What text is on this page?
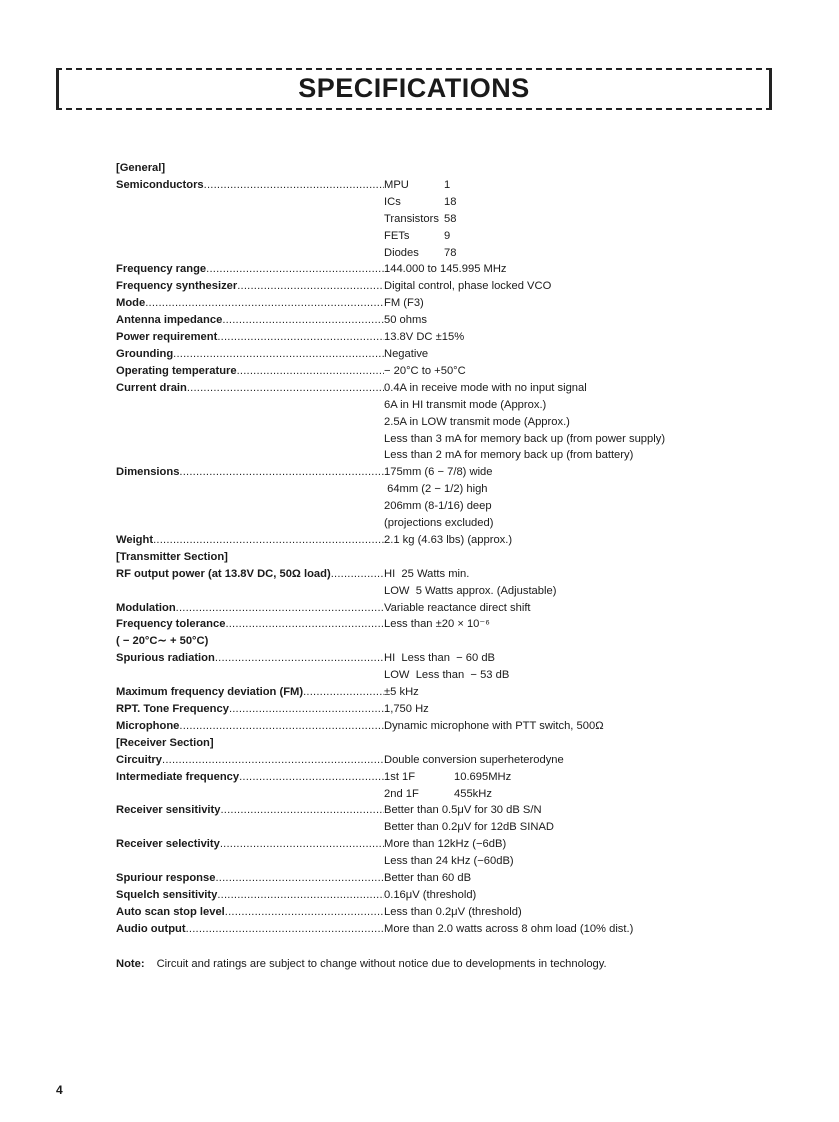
SPECIFICATIONS
[General]
Semiconductors .....	MPU	1
ICs	18
Transistors 58
FETs	9
Diodes 78
Frequency range .....	144.000 to 145.995 MHz
Frequency synthesizer .....	Digital control, phase locked VCO
Mode .....	FM (F3)
Antenna impedance .....	50 ohms
Power requirement .....	13.8V DC ±15%
Grounding .....	Negative
Operating temperature .....	− 20°C to +50°C
Current drain .....	0.4A in receive mode with no input signal
6A in HI transmit mode (Approx.)
2.5A in LOW transmit mode (Approx.)
Less than 3 mA for memory back up (from power supply)
Less than 2 mA for memory back up (from battery)
Dimensions .....	175mm (6 − 7/8) wide
64mm (2 − 1/2) high
206mm (8-1/16) deep
(projections excluded)
Weight .....	2.1 kg (4.63 lbs) (approx.)
[Transmitter Section]
RF output power (at 13.8V DC, 50Ω load) .....	HI  25 Watts min.
LOW  5 Watts approx. (Adjustable)
Modulation .....	Variable reactance direct shift
Frequency tolerance .....	Less than ±20 × 10⁻⁶
( − 20°C∼ + 50°C)
Spurious radiation .....	HI  Less than  − 60 dB
LOW  Less than  − 53 dB
Maximum frequency deviation (FM) .....	±5 kHz
RPT. Tone Frequency .....	1,750 Hz
Microphone .....	Dynamic microphone with PTT switch, 500Ω
[Receiver Section]
Circuitry .....	Double conversion superheterodyne
Intermediate frequency .....	1st 1F	10.695MHz
2nd 1F	455kHz
Receiver sensitivity .....	Better than 0.5μV for 30 dB S/N
Better than 0.2μV for 12dB SINAD
Receiver selectivity .....	More than 12kHz (−6dB)
Less than 24 kHz (−60dB)
Spuriour response .....	Better than 60 dB
Squelch sensitivity .....	0.16μV (threshold)
Auto scan stop level .....	Less than 0.2μV (threshold)
Audio output .....	More than 2.0 watts across 8 ohm load (10% dist.)
Note: Circuit and ratings are subject to change without notice due to developments in technology.
4
